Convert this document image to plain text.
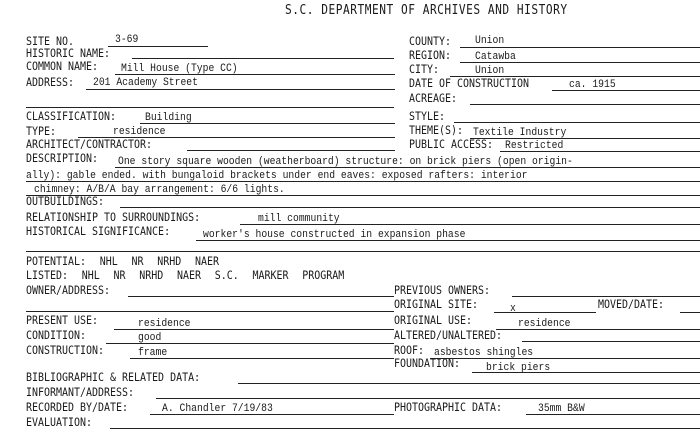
S.C. DEPARTMENT OF ARCHIVES AND HISTORY
SITE NO.	3-69
HISTORIC NAME:
COMMON NAME: Mill House (Type CC)
ADDRESS: 201 Academy Street
COUNTY: Union
REGION: Catawba
CITY:	Union
DATE OF CONSTRUCTION	ca. 1915
ACREAGE:
CLASSIFICATION:	Building
TYPE:	residence
ARCHITECT/CONTRACTOR:
STYLE:
THEME(S): Textile Industry
PUBLIC ACCESS: Restricted
DESCRIPTION: One story square wooden (weatherboard) structure: on brick piers (open origin-
ally): gable ended. with bungaloid brackets under end eaves: exposed rafters: interior
chimney: A/B/A bay arrangement: 6/6 lights.
OUTBUILDINGS:
RELATIONSHIP TO SURROUNDINGS:	mill community
HISTORICAL SIGNIFICANCE:	worker's house constructed in expansion phase
POTENTIAL: NHL NR NRHD NAER
LISTED: NHL NR NRHD NAER S.C. MARKER PROGRAM
OWNER/ADDRESS:	PREVIOUS OWNERS:
ORIGINAL SITE:	x	MOVED/DATE:
PRESENT USE:	residence
CONDITION:	good
CONSTRUCTION:	frame
ORIGINAL USE:	residence
ALTERED/UNALTERED:
ROOF: asbestos shingles
FOUNDATION: brick piers
BIBLIOGRAPHIC & RELATED DATA:
INFORMANT/ADDRESS:
RECORDED BY/DATE:	A. Chandler 7/19/83	PHOTOGRAPHIC DATA:	35mm B&W
EVALUATION:
